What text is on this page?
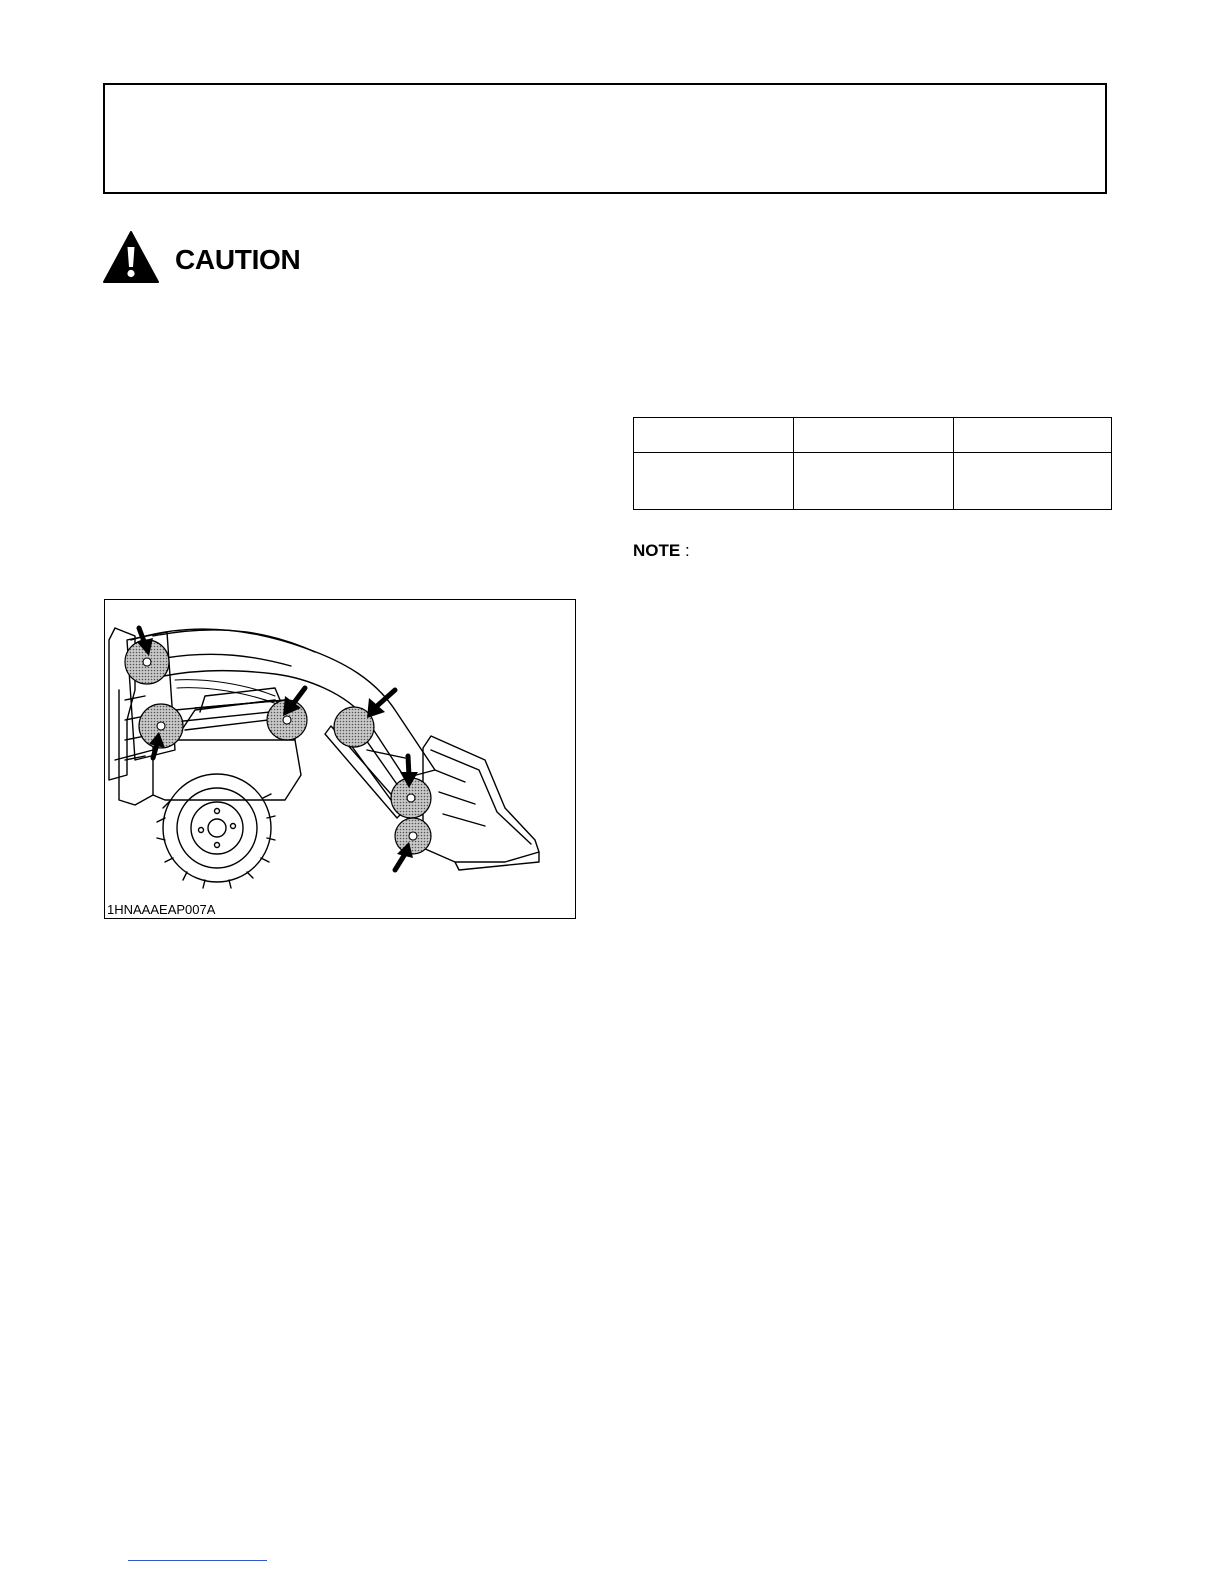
CAUTION

NOTE :
1HNAAAEAP007A
